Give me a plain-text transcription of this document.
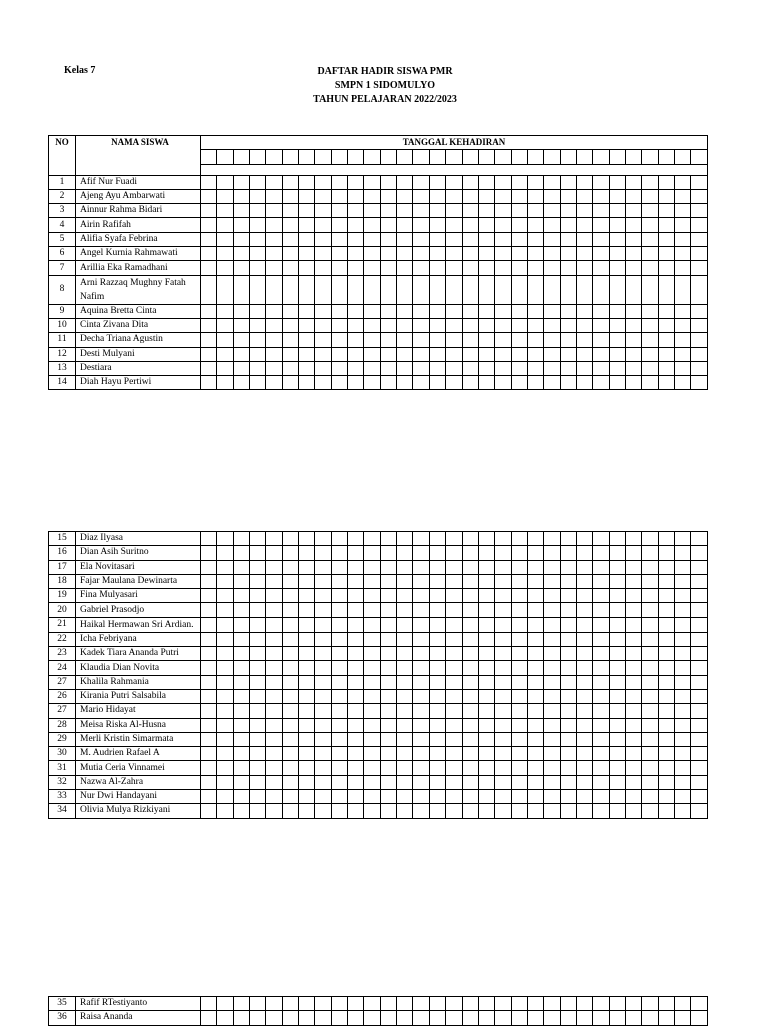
Kelas 7	DAFTAR HADIR SISWA PMR
SMPN 1 SIDOMULYO
TAHUN PELAJARAN 2022/2023
NO	NAMA SISWA	TANGGAL KEHADIRAN																														

1	Afif Nur Fuadi																															
2	Ajeng Ayu Ambarwati																															
3	Ainnur Rahma Bidari																															
4	Airin Rafifah																															
5	Alifia Syafa Febrina																															
6	Angel Kurnia Rahmawati																															
7	Arillia Eka Ramadhani																															
8	Arni Razzaq Mughny Fatah Nafim																															
9	Aquina Bretta Cinta																															
10	Cinta Zivana Dita																															
11	Decha Triana Agustin																															
12	Desti Mulyani																															
13	Destiara																															
14	Diah Hayu Pertiwi																															
15	Diaz Ilyasa																															
16	Dian Asih Suritno																															
17	Ela Novitasari																															
18	Fajar Maulana Dewinarta																															
19	Fina Mulyasari																															
20	Gabriel Prasodjo																															
21	Haikal Hermawan Sri Ardian.																															
22	Icha Febriyana																															
23	Kadek Tiara Ananda Putri																															
24	Klaudia Dian Novita																															
27	Khalila Rahmania																															
26	Kirania Putri Salsabila																															
27	Mario Hidayat																															
28	Meisa Riska Al-Husna																															
29	Merli Kristin Simarmata																															
30	M. Audrien Rafael A																															
31	Mutia Ceria Vinnamei																															
32	Nazwa Al-Zahra																															
33	Nur Dwi Handayani																															
34	Olivia Mulya Rizkiyani																															
35	Rafif RTestiyanto																															
36	Raisa Ananda																															
